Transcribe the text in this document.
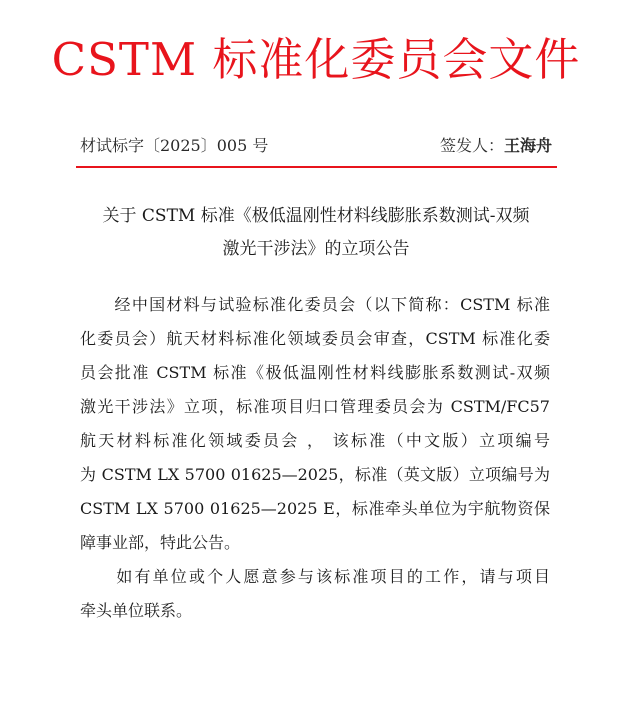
CSTM 标准化委员会文件
材试标字〔2025〕005 号	签发人：王海舟
关于 CSTM 标准《极低温刚性材料线膨胀系数测试-双频
激光干涉法》的立项公告
　　经中国材料与试验标准化委员会（以下简称：CSTM 标准
化委员会）航天材料标准化领域委员会审查，CSTM 标准化委
员会批准 CSTM 标准《极低温刚性材料线膨胀系数测试-双频
激光干涉法》立项，标准项目归口管理委员会为 CSTM/FC57
航天材料标准化领域委员会 ， 该标准（中文版）立项编号
为 CSTM LX 5700 01625—2025，标准（英文版）立项编号为
CSTM LX 5700 01625—2025 E，标准牵头单位为宇航物资保
障事业部，特此公告。
　　如有单位或个人愿意参与该标准项目的工作，请与项目
牵头单位联系。
